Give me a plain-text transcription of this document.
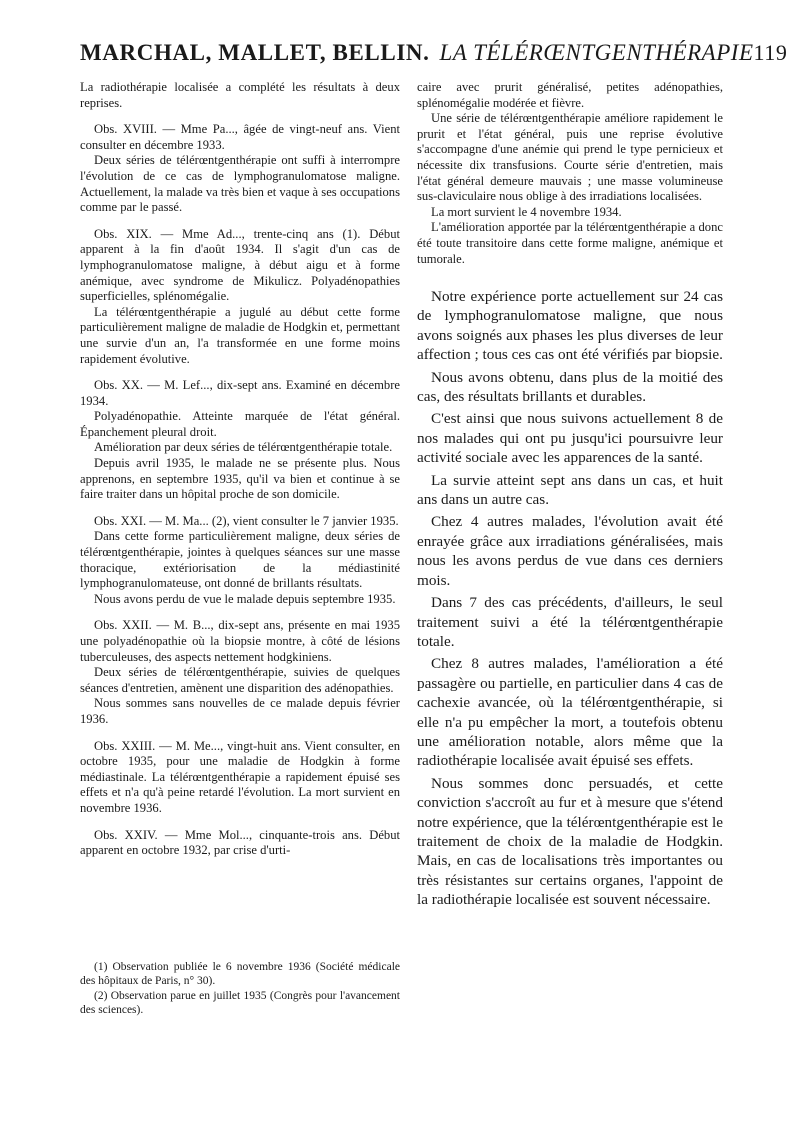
MARCHAL, MALLET, BELLIN. LA TÉLÉRŒNTGENTHÉRAPIE 119

La radiothérapie localisée a complété les résultats à deux reprises.

Obs. XVIII. — Mme Pa..., âgée de vingt-neuf ans. Vient consulter en décembre 1933.

Deux séries de télérœntgenthérapie ont suffi à interrompre l'évolution de ce cas de lymphogranulomatose maligne. Actuellement, la malade va très bien et vaque à ses occupations comme par le passé.

Obs. XIX. — Mme Ad..., trente-cinq ans (1). Début apparent à la fin d'août 1934. Il s'agit d'un cas de lymphogranulomatose maligne, à début aigu et à forme anémique, avec syndrome de Mikulicz. Polyadénopathies superficielles, splénomégalie.

La télérœntgenthérapie a jugulé au début cette forme particulièrement maligne de maladie de Hodgkin et, permettant une survie d'un an, l'a transformée en une forme moins rapidement évolutive.

Obs. XX. — M. Lef..., dix-sept ans. Examiné en décembre 1934.

Polyadénopathie. Atteinte marquée de l'état général. Épanchement pleural droit.

Amélioration par deux séries de télérœntgenthérapie totale.

Depuis avril 1935, le malade ne se présente plus. Nous apprenons, en septembre 1935, qu'il va bien et continue à se faire traiter dans un hôpital proche de son domicile.

Obs. XXI. — M. Ma... (2), vient consulter le 7 janvier 1935.

Dans cette forme particulièrement maligne, deux séries de télérœntgenthérapie, jointes à quelques séances sur une masse thoracique, extériorisation de la médiastinité lymphogranulomateuse, ont donné de brillants résultats.

Nous avons perdu de vue le malade depuis septembre 1935.

Obs. XXII. — M. B..., dix-sept ans, présente en mai 1935 une polyadénopathie où la biopsie montre, à côté de lésions tuberculeuses, des aspects nettement hodgkiniens.

Deux séries de télérœntgenthérapie, suivies de quelques séances d'entretien, amènent une disparition des adénopathies.

Nous sommes sans nouvelles de ce malade depuis février 1936.

Obs. XXIII. — M. Me..., vingt-huit ans. Vient consulter, en octobre 1935, pour une maladie de Hodgkin à forme médiastinale. La télérœntgenthérapie a rapidement épuisé ses effets et n'a qu'à peine retardé l'évolution. La mort survient en novembre 1936.

Obs. XXIV. — Mme Mol..., cinquante-trois ans. Début apparent en octobre 1932, par crise d'urti-

(1) Observation publiée le 6 novembre 1936 (Société médicale des hôpitaux de Paris, n° 30).

(2) Observation parue en juillet 1935 (Congrès pour l'avancement des sciences).

caire avec prurit généralisé, petites adénopathies, splénomégalie modérée et fièvre.

Une série de télérœntgenthérapie améliore rapidement le prurit et l'état général, puis une reprise évolutive s'accompagne d'une anémie qui prend le type pernicieux et nécessite dix transfusions. Courte série d'entretien, mais l'état général demeure mauvais ; une masse volumineuse sus-claviculaire nous oblige à des irradiations localisées.

La mort survient le 4 novembre 1934.

L'amélioration apportée par la télérœntgenthérapie a donc été toute transitoire dans cette forme maligne, anémique et tumorale.

Notre expérience porte actuellement sur 24 cas de lymphogranulomatose maligne, que nous avons soignés aux phases les plus diverses de leur affection ; tous ces cas ont été vérifiés par biopsie.

Nous avons obtenu, dans plus de la moitié des cas, des résultats brillants et durables.

C'est ainsi que nous suivons actuellement 8 de nos malades qui ont pu jusqu'ici poursuivre leur activité sociale avec les apparences de la santé.

La survie atteint sept ans dans un cas, et huit ans dans un autre cas.

Chez 4 autres malades, l'évolution avait été enrayée grâce aux irradiations généralisées, mais nous les avons perdus de vue dans ces derniers mois.

Dans 7 des cas précédents, d'ailleurs, le seul traitement suivi a été la télérœntgenthérapie totale.

Chez 8 autres malades, l'amélioration a été passagère ou partielle, en particulier dans 4 cas de cachexie avancée, où la télérœntgenthérapie, si elle n'a pu empêcher la mort, a toutefois obtenu une amélioration notable, alors même que la radiothérapie localisée avait épuisé ses effets.

Nous sommes donc persuadés, et cette conviction s'accroît au fur et à mesure que s'étend notre expérience, que la télérœntgenthérapie est le traitement de choix de la maladie de Hodgkin. Mais, en cas de localisations très importantes ou très résistantes sur certains organes, l'appoint de la radiothérapie localisée est souvent nécessaire.
